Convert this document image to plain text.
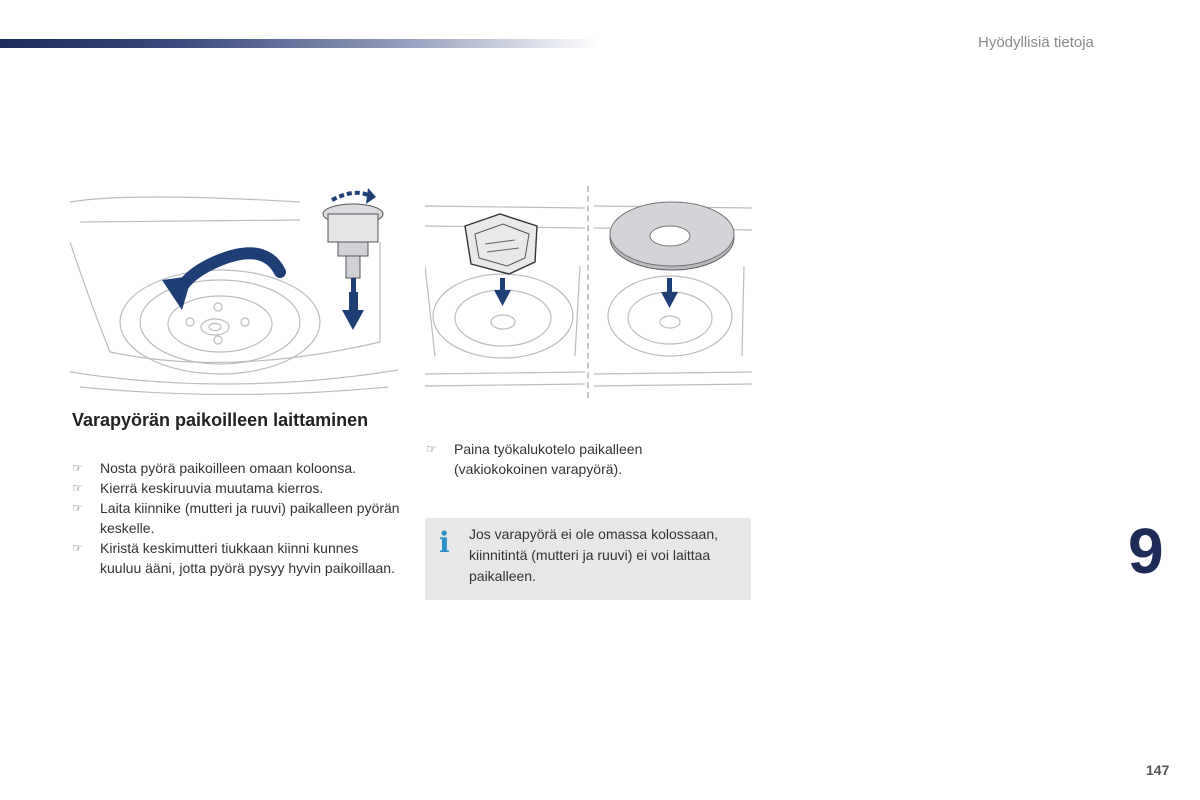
Hyödyllisiä tietoja
Varapyörän paikoilleen laittaminen
☞ Nosta pyörä paikoilleen omaan koloonsa.
☞ Kierrä keskiruuvia muutama kierros.
☞ Laita kiinnike (mutteri ja ruuvi) paikalleen pyörän keskelle.
☞ Kiristä keskimutteri tiukkaan kiinni kunnes kuuluu ääni, jotta pyörä pysyy hyvin paikoillaan.
☞ Paina työkalukotelo paikalleen (vakiokokoinen varapyörä).
i Jos varapyörä ei ole omassa kolossaan, kiinnitintä (mutteri ja ruuvi) ei voi laittaa paikalleen.	9
147
